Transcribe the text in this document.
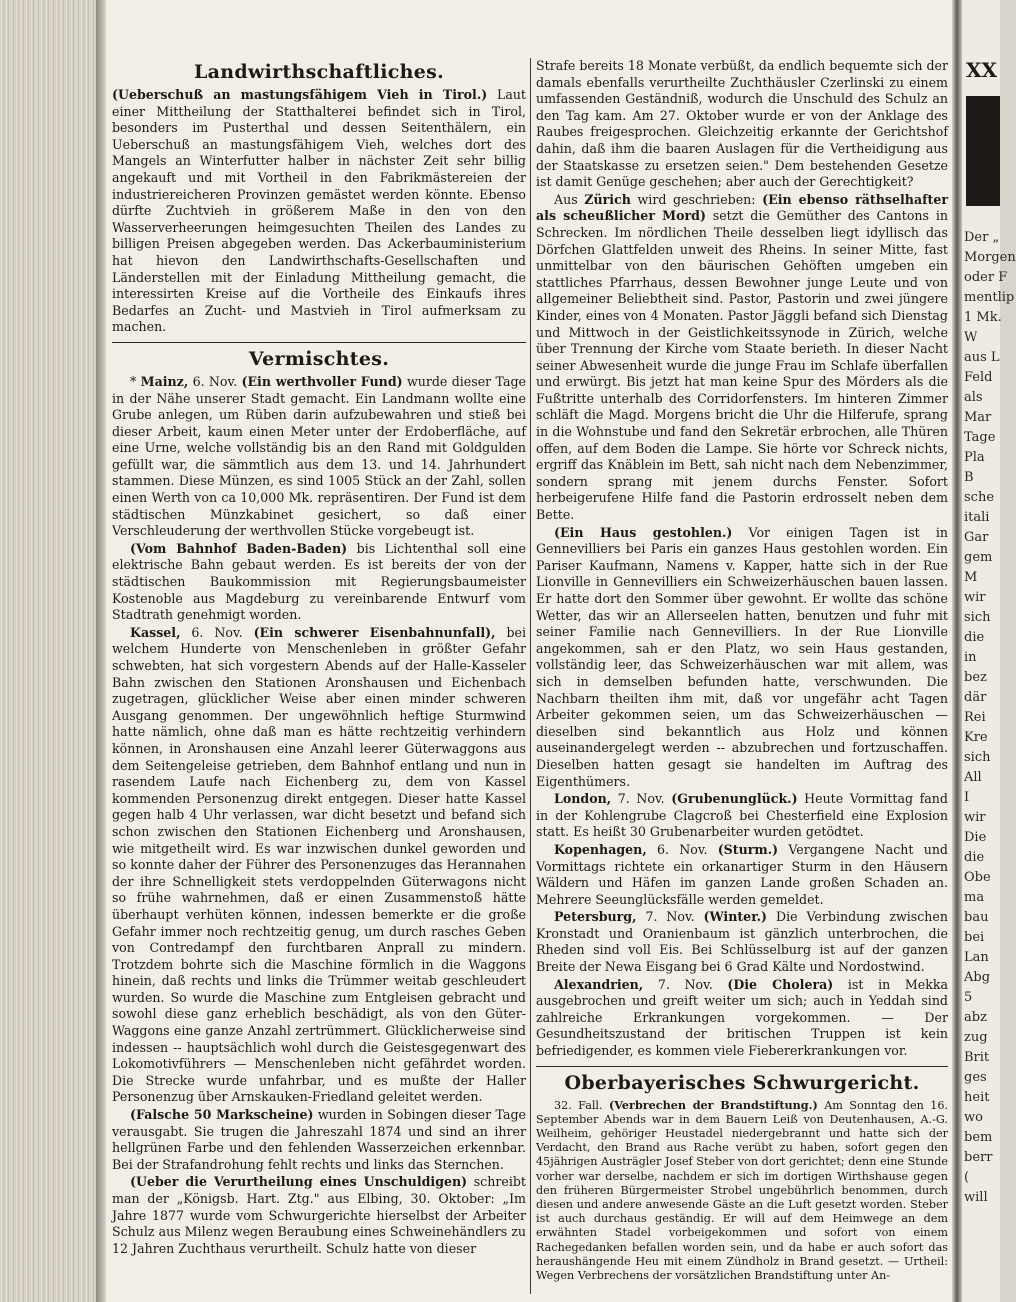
XX
Der „
Morgen
oder F
mentlip
1 Mk.
W
aus L
Feld
als
Mar
Tage
Pla
B
sche
itali
Gar
gem
M
wir
sich
die
in
bez
där
Rei
Kre
sich
All
I
wir
Die
die
Obe
ma
bau
bei
Lan
Abg
5
abz
zug
Brit
ges
heit
wo
bem
berr
(
will
Landwirthschaftliches.

(Ueberschuß an mastungsfähigem Vieh in Tirol.) Laut einer Mittheilung der Statthalterei befindet sich in Tirol, besonders im Pusterthal und dessen Seitenthälern, ein Ueberschuß an mastungsfähigem Vieh, welches dort des Mangels an Winterfutter halber in nächster Zeit sehr billig angekauft und mit Vortheil in den Fabrikmästereien der industriereicheren Provinzen gemästet werden könnte. Ebenso dürfte Zuchtvieh in größerem Maße in den von den Wasserverheerungen heimgesuchten Theilen des Landes zu billigen Preisen abgegeben werden. Das Ackerbauministerium hat hievon den Landwirthschafts-Gesellschaften und Länderstellen mit der Einladung Mittheilung gemacht, die interessirten Kreise auf die Vortheile des Einkaufs ihres Bedarfes an Zucht- und Mastvieh in Tirol aufmerksam zu machen.

Vermischtes.

* Mainz, 6. Nov. (Ein werthvoller Fund) wurde dieser Tage in der Nähe unserer Stadt gemacht. Ein Landmann wollte eine Grube anlegen, um Rüben darin aufzubewahren und stieß bei dieser Arbeit, kaum einen Meter unter der Erdoberfläche, auf eine Urne, welche vollständig bis an den Rand mit Goldgulden gefüllt war, die sämmtlich aus dem 13. und 14. Jahrhundert stammen. Diese Münzen, es sind 1005 Stück an der Zahl, sollen einen Werth von ca 10,000 Mk. repräsentiren. Der Fund ist dem städtischen Münzkabinet gesichert, so daß einer Verschleuderung der werthvollen Stücke vorgebeugt ist.

(Vom Bahnhof Baden-Baden) bis Lichtenthal soll eine elektrische Bahn gebaut werden. Es ist bereits der von der städtischen Baukommission mit Regierungsbaumeister Kostenoble aus Magdeburg zu vereinbarende Entwurf vom Stadtrath genehmigt worden.

Kassel, 6. Nov. (Ein schwerer Eisenbahnunfall), bei welchem Hunderte von Menschenleben in größter Gefahr schwebten, hat sich vorgestern Abends auf der Halle-Kasseler Bahn zwischen den Stationen Aronshausen und Eichenbach zugetragen, glücklicher Weise aber einen minder schweren Ausgang genommen. Der ungewöhnlich heftige Sturmwind hatte nämlich, ohne daß man es hätte rechtzeitig verhindern können, in Aronshausen eine Anzahl leerer Güterwaggons aus dem Seitengeleise getrieben, dem Bahnhof entlang und nun in rasendem Laufe nach Eichenberg zu, dem von Kassel kommenden Personenzug direkt entgegen. Dieser hatte Kassel gegen halb 4 Uhr verlassen, war dicht besetzt und befand sich schon zwischen den Stationen Eichenberg und Aronshausen, wie mitgetheilt wird. Es war inzwischen dunkel geworden und so konnte daher der Führer des Personenzuges das Herannahen der ihre Schnelligkeit stets verdoppelnden Güterwagons nicht so frühe wahrnehmen, daß er einen Zusammenstoß hätte überhaupt verhüten können, indessen bemerkte er die große Gefahr immer noch rechtzeitig genug, um durch rasches Geben von Contredampf den furchtbaren Anprall zu mindern. Trotzdem bohrte sich die Maschine förmlich in die Waggons hinein, daß rechts und links die Trümmer weitab geschleudert wurden. So wurde die Maschine zum Entgleisen gebracht und sowohl diese ganz erheblich beschädigt, als von den Güter-Waggons eine ganze Anzahl zertrümmert. Glücklicherweise sind indessen -- hauptsächlich wohl durch die Geistesgegenwart des Lokomotivführers — Menschenleben nicht gefährdet worden. Die Strecke wurde unfahrbar, und es mußte der Haller Personenzug über Arnskauken-Friedland geleitet werden.

(Falsche 50 Markscheine) wurden in Sobingen dieser Tage verausgabt. Sie trugen die Jahreszahl 1874 und sind an ihrer hellgrünen Farbe und den fehlenden Wasserzeichen erkennbar. Bei der Strafandrohung fehlt rechts und links das Sternchen.

(Ueber die Verurtheilung eines Unschuldigen) schreibt man der „Königsb. Hart. Ztg." aus Elbing, 30. Oktober: „Im Jahre 1877 wurde vom Schwurgerichte hierselbst der Arbeiter Schulz aus Milenz wegen Beraubung eines Schweinehändlers zu 12 Jahren Zuchthaus verurtheilt. Schulz hatte von dieser

Strafe bereits 18 Monate verbüßt, da endlich bequemte sich der damals ebenfalls verurtheilte Zuchthäusler Czerlinski zu einem umfassenden Geständniß, wodurch die Unschuld des Schulz an den Tag kam. Am 27. Oktober wurde er von der Anklage des Raubes freigesprochen. Gleichzeitig erkannte der Gerichtshof dahin, daß ihm die baaren Auslagen für die Vertheidigung aus der Staatskasse zu ersetzen seien." Dem bestehenden Gesetze ist damit Genüge geschehen; aber auch der Gerechtigkeit?

Aus Zürich wird geschrieben: (Ein ebenso räthselhafter als scheußlicher Mord) setzt die Gemüther des Cantons in Schrecken. Im nördlichen Theile desselben liegt idyllisch das Dörfchen Glattfelden unweit des Rheins. In seiner Mitte, fast unmittelbar von den bäurischen Gehöften umgeben ein stattliches Pfarrhaus, dessen Bewohner junge Leute und von allgemeiner Beliebtheit sind. Pastor, Pastorin und zwei jüngere Kinder, eines von 4 Monaten. Pastor Jäggli befand sich Dienstag und Mittwoch in der Geistlichkeitssynode in Zürich, welche über Trennung der Kirche vom Staate berieth. In dieser Nacht seiner Abwesenheit wurde die junge Frau im Schlafe überfallen und erwürgt. Bis jetzt hat man keine Spur des Mörders als die Fußtritte unterhalb des Corridorfensters. Im hinteren Zimmer schläft die Magd. Morgens bricht die Uhr die Hilferufe, sprang in die Wohnstube und fand den Sekretär erbrochen, alle Thüren offen, auf dem Boden die Lampe. Sie hörte vor Schreck nichts, ergriff das Knäblein im Bett, sah nicht nach dem Nebenzimmer, sondern sprang mit jenem durchs Fenster. Sofort herbeigerufene Hilfe fand die Pastorin erdrosselt neben dem Bette.

(Ein Haus gestohlen.) Vor einigen Tagen ist in Gennevilliers bei Paris ein ganzes Haus gestohlen worden. Ein Pariser Kaufmann, Namens v. Kapper, hatte sich in der Rue Lionville in Gennevilliers ein Schweizerhäuschen bauen lassen. Er hatte dort den Sommer über gewohnt. Er wollte das schöne Wetter, das wir an Allerseelen hatten, benutzen und fuhr mit seiner Familie nach Gennevilliers. In der Rue Lionville angekommen, sah er den Platz, wo sein Haus gestanden, vollständig leer, das Schweizerhäuschen war mit allem, was sich in demselben befunden hatte, verschwunden. Die Nachbarn theilten ihm mit, daß vor ungefähr acht Tagen Arbeiter gekommen seien, um das Schweizerhäuschen — dieselben sind bekanntlich aus Holz und können auseinandergelegt werden -- abzubrechen und fortzuschaffen. Dieselben hatten gesagt sie handelten im Auftrag des Eigenthümers.

London, 7. Nov. (Grubenunglück.) Heute Vormittag fand in der Kohlengrube Clagcroß bei Chesterfield eine Explosion statt. Es heißt 30 Grubenarbeiter wurden getödtet.

Kopenhagen, 6. Nov. (Sturm.) Vergangene Nacht und Vormittags richtete ein orkanartiger Sturm in den Häusern Wäldern und Häfen im ganzen Lande großen Schaden an. Mehrere Seeunglücksfälle werden gemeldet.

Petersburg, 7. Nov. (Winter.) Die Verbindung zwischen Kronstadt und Oranienbaum ist gänzlich unterbrochen, die Rheden sind voll Eis. Bei Schlüsselburg ist auf der ganzen Breite der Newa Eisgang bei 6 Grad Kälte und Nordostwind.

Alexandrien, 7. Nov. (Die Cholera) ist in Mekka ausgebrochen und greift weiter um sich; auch in Yeddah sind zahlreiche Erkrankungen vorgekommen. — Der Gesundheitszustand der britischen Truppen ist kein befriedigender, es kommen viele Fiebererkrankungen vor.

Oberbayerisches Schwurgericht.

32. Fall. (Verbrechen der Brandstiftung.) Am Sonntag den 16. September Abends war in dem Bauern Leiß von Deutenhausen, A.-G. Weilheim, gehöriger Heustadel niedergebrannt und hatte sich der Verdacht, den Brand aus Rache verübt zu haben, sofort gegen den 45jährigen Austrägler Josef Steber von dort gerichtet; denn eine Stunde vorher war derselbe, nachdem er sich im dortigen Wirthshause gegen den früheren Bürgermeister Strobel ungebührlich benommen, durch diesen und andere anwesende Gäste an die Luft gesetzt worden. Steber ist auch durchaus geständig. Er will auf dem Heimwege an dem erwähnten Stadel vorbeigekommen und sofort von einem Rachegedanken befallen worden sein, und da habe er auch sofort das heraushängende Heu mit einem Zündholz in Brand gesetzt. — Urtheil: Wegen Verbrechens der vorsätzlichen Brandstiftung unter An-
